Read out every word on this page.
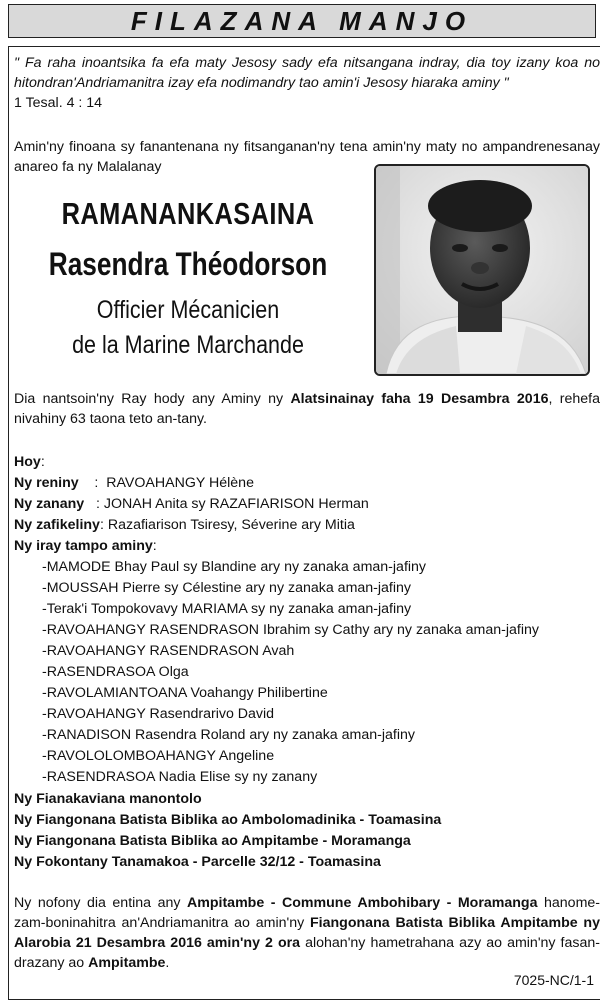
FILAZANA MANJO
" Fa raha inoantsika fa efa maty Jesosy sady efa nitsangana indray, dia toy izany koa no
hitondran'Andriamanitra izay efa nodimandry tao amin'i Jesosy hiaraka aminy "
1 Tesal. 4 : 14
Amin'ny finoana sy fanantenana ny fitsanganan'ny tena amin'ny maty no ampandrenesanay
anareo fa ny Malalanay
RAMANANKASAINA
Rasendra Théodorson
Officier Mécanicien
de la Marine Marchande
Dia nantsoin'ny Ray hody any Aminy ny Alatsinainay faha 19 Desambra 2016, rehefa
nivahiny 63 taona teto an-tany.
Hoy:
Ny reniny    :  RAVOAHANGY Hélène
Ny zanany   : JONAH Anita sy RAZAFIARISON Herman
Ny zafikeliny: Razafiarison Tsiresy, Séverine ary Mitia
Ny iray tampo aminy:
-MAMODE Bhay Paul sy Blandine ary ny zanaka aman-jafiny
-MOUSSAH Pierre sy Célestine ary ny zanaka aman-jafiny
-Terak'i Tompokovavy MARIAMA sy ny zanaka aman-jafiny
-RAVOAHANGY RASENDRASON Ibrahim sy Cathy ary ny zanaka aman-jafiny
-RAVOAHANGY RASENDRASON Avah
-RASENDRASOA Olga
-RAVOLAMIANTOANA Voahangy Philibertine
-RAVOAHANGY Rasendrarivo David
-RANADISON Rasendra Roland ary ny zanaka aman-jafiny
-RAVOLOLOMBOAHANGY Angeline
-RASENDRASOA Nadia Elise sy ny zanany
Ny Fianakaviana manontolo
Ny Fiangonana Batista Biblika ao Ambolomadinika - Toamasina
Ny Fiangonana Batista Biblika ao Ampitambe - Moramanga
Ny Fokontany Tanamakoa - Parcelle 32/12 - Toamasina
Ny nofony dia entina any Ampitambe - Commune Ambohibary - Moramanga hanome-
zam-boninahitra an'Andriamanitra ao amin'ny Fiangonana Batista Biblika Ampitambe ny
Alarobia 21 Desambra 2016 amin'ny 2 ora alohan'ny hametrahana azy ao amin'ny fasan-
drazany ao Ampitambe.
7025-NC/1-1
